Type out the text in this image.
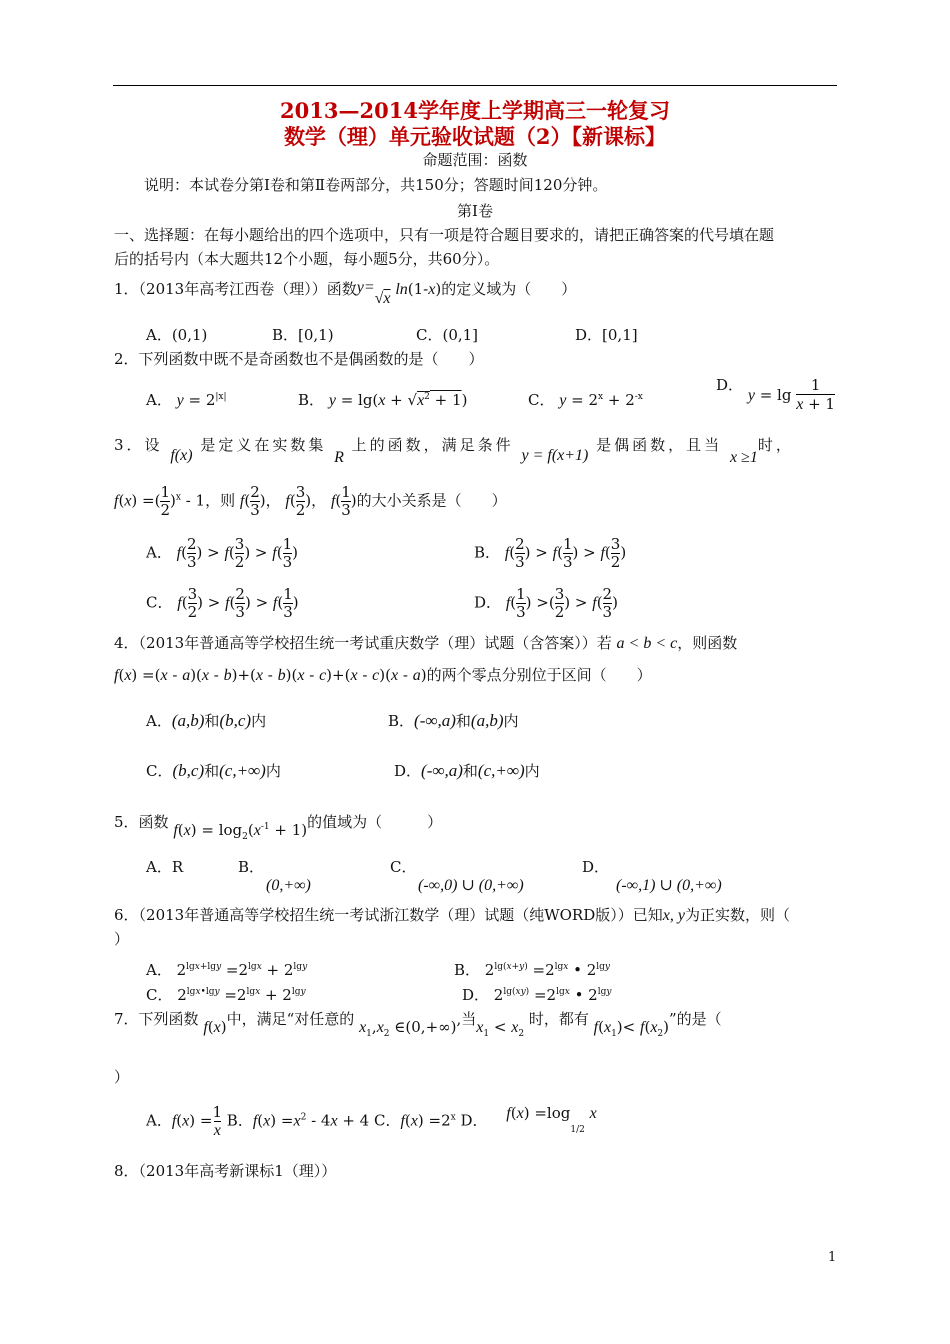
2013—2014学年度上学期高三一轮复习
数学（理）单元验收试题（2）【新课标】
命题范围：函数
说明：本试卷分第Ⅰ卷和第Ⅱ卷两部分，共150分；答题时间120分钟。
第Ⅰ卷
一、选择题：在每小题给出的四个选项中，只有一项是符合题目要求的，请把正确答案的代号填在题
后的括号内（本大题共12个小题，每小题5分，共60分）。
1．（2013年高考江西卷（理））函数y=√x ln(1-x)的定义域为（　　）
A．(0,1)	B．[0,1)	C．(0,1]	D．[0,1]
2．下列函数中既不是奇函数也不是偶函数的是（　　）
A． $y = 2^{|x|}$	B． $y = \lg(x + √x^2 + 1)$	C． $y = 2^x + 2^{-x}$
D． y = lg 1
x + 1
3．设 f(x) 是定义在实数集 R 上的函数，满足条件 y = f(x+1) 是偶函数，且当 x ≥1时，
f(x) =(1
2)$^x$ - 1，则 f(2
3)， f(3
2)， f(1
3)的大小关系是（　　）
A． f(2
3) > f(3
2) > f(1
3)	B． f(2
3) > f(1
3) > f(3
2)
C． f(3
2) > f(2
3) > f(1
3)	D． f(1
3) >(3
2) > f(2
3)
4．（2013年普通高等学校招生统一考试重庆数学（理）试题（含答案））若 a < b < c，则函数
f(x) =(x - a)(x - b)+(x - b)(x - c)+(x - c)(x - a)的两个零点分别位于区间（　　）
A．(a,b)和(b,c)内	B．(-∞,a)和(a,b)内
C．(b,c)和(c,+∞)内	D．(-∞,a)和(c,+∞)内
5．函数 $f(x) = \log_2(x^{-1} + 1)$的值域为（　　　）
A．R	B．
(0,+∞)
C．
(-∞,0) ∪ (0,+∞)
D．
(-∞,1) ∪ (0,+∞)
6．（2013年普通高等学校招生统一考试浙江数学（理）试题（纯WORD版））已知x, y为正实数，则（
）
A． $2^{lgx+lgy} =2^{lgx} + 2^{lgy}$	B． $2^{lg(x+y)} =2^{lgx}$ • $2^{lgy}$
C． $2^{lgx•lgy} =2^{lgx} + 2^{lgy}$	D． $2^{lg(xy)} =2^{lgx}$ • $2^{lgy}$
7．下列函数 f(x)中，满足“对任意的 $x_1,x_2$ ∈(0,+∞),当$x_1 < x_2$ 时，都有 $f(x_1)< f(x_2)$”的是（
）
A．f(x) =1
x B．$f(x) =x^2 - 4x + 4$ C．$f(x) =2^x$ D． $f(x) =\log_{1/2}$ x
8．（2013年高考新课标1（理））
1
